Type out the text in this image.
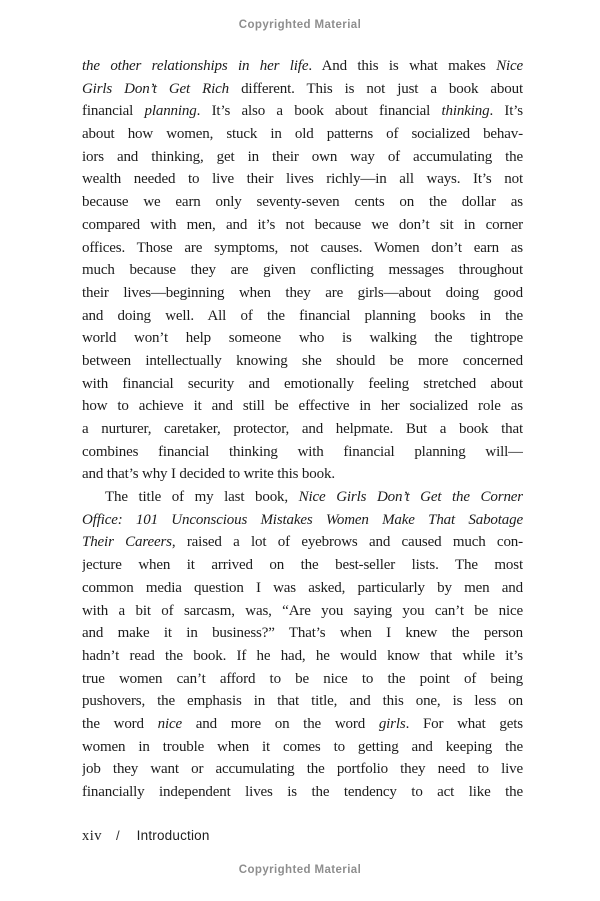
Copyrighted Material
the other relationships in her life. And this is what makes Nice
Girls Don’t Get Rich different. This is not just a book about
financial planning. It’s also a book about financial thinking. It’s
about how women, stuck in old patterns of socialized behav-
iors and thinking, get in their own way of accumulating the
wealth needed to live their lives richly—in all ways. It’s not
because we earn only seventy-seven cents on the dollar as
compared with men, and it’s not because we don’t sit in corner
offices. Those are symptoms, not causes. Women don’t earn as
much because they are given conflicting messages throughout
their lives—beginning when they are girls—about doing good
and doing well. All of the financial planning books in the
world won’t help someone who is walking the tightrope
between intellectually knowing she should be more concerned
with financial security and emotionally feeling stretched about
how to achieve it and still be effective in her socialized role as
a nurturer, caretaker, protector, and helpmate. But a book that
combines financial thinking with financial planning will—
and that’s why I decided to write this book.
The title of my last book, Nice Girls Don’t Get the Corner
Office: 101 Unconscious Mistakes Women Make That Sabotage
Their Careers, raised a lot of eyebrows and caused much con-
jecture when it arrived on the best-seller lists. The most
common media question I was asked, particularly by men and
with a bit of sarcasm, was, “Are you saying you can’t be nice
and make it in business?” That’s when I knew the person
hadn’t read the book. If he had, he would know that while it’s
true women can’t afford to be nice to the point of being
pushovers, the emphasis in that title, and this one, is less on
the word nice and more on the word girls. For what gets
women in trouble when it comes to getting and keeping the
job they want or accumulating the portfolio they need to live
financially independent lives is the tendency to act like the
xiv / Introduction
Copyrighted Material
